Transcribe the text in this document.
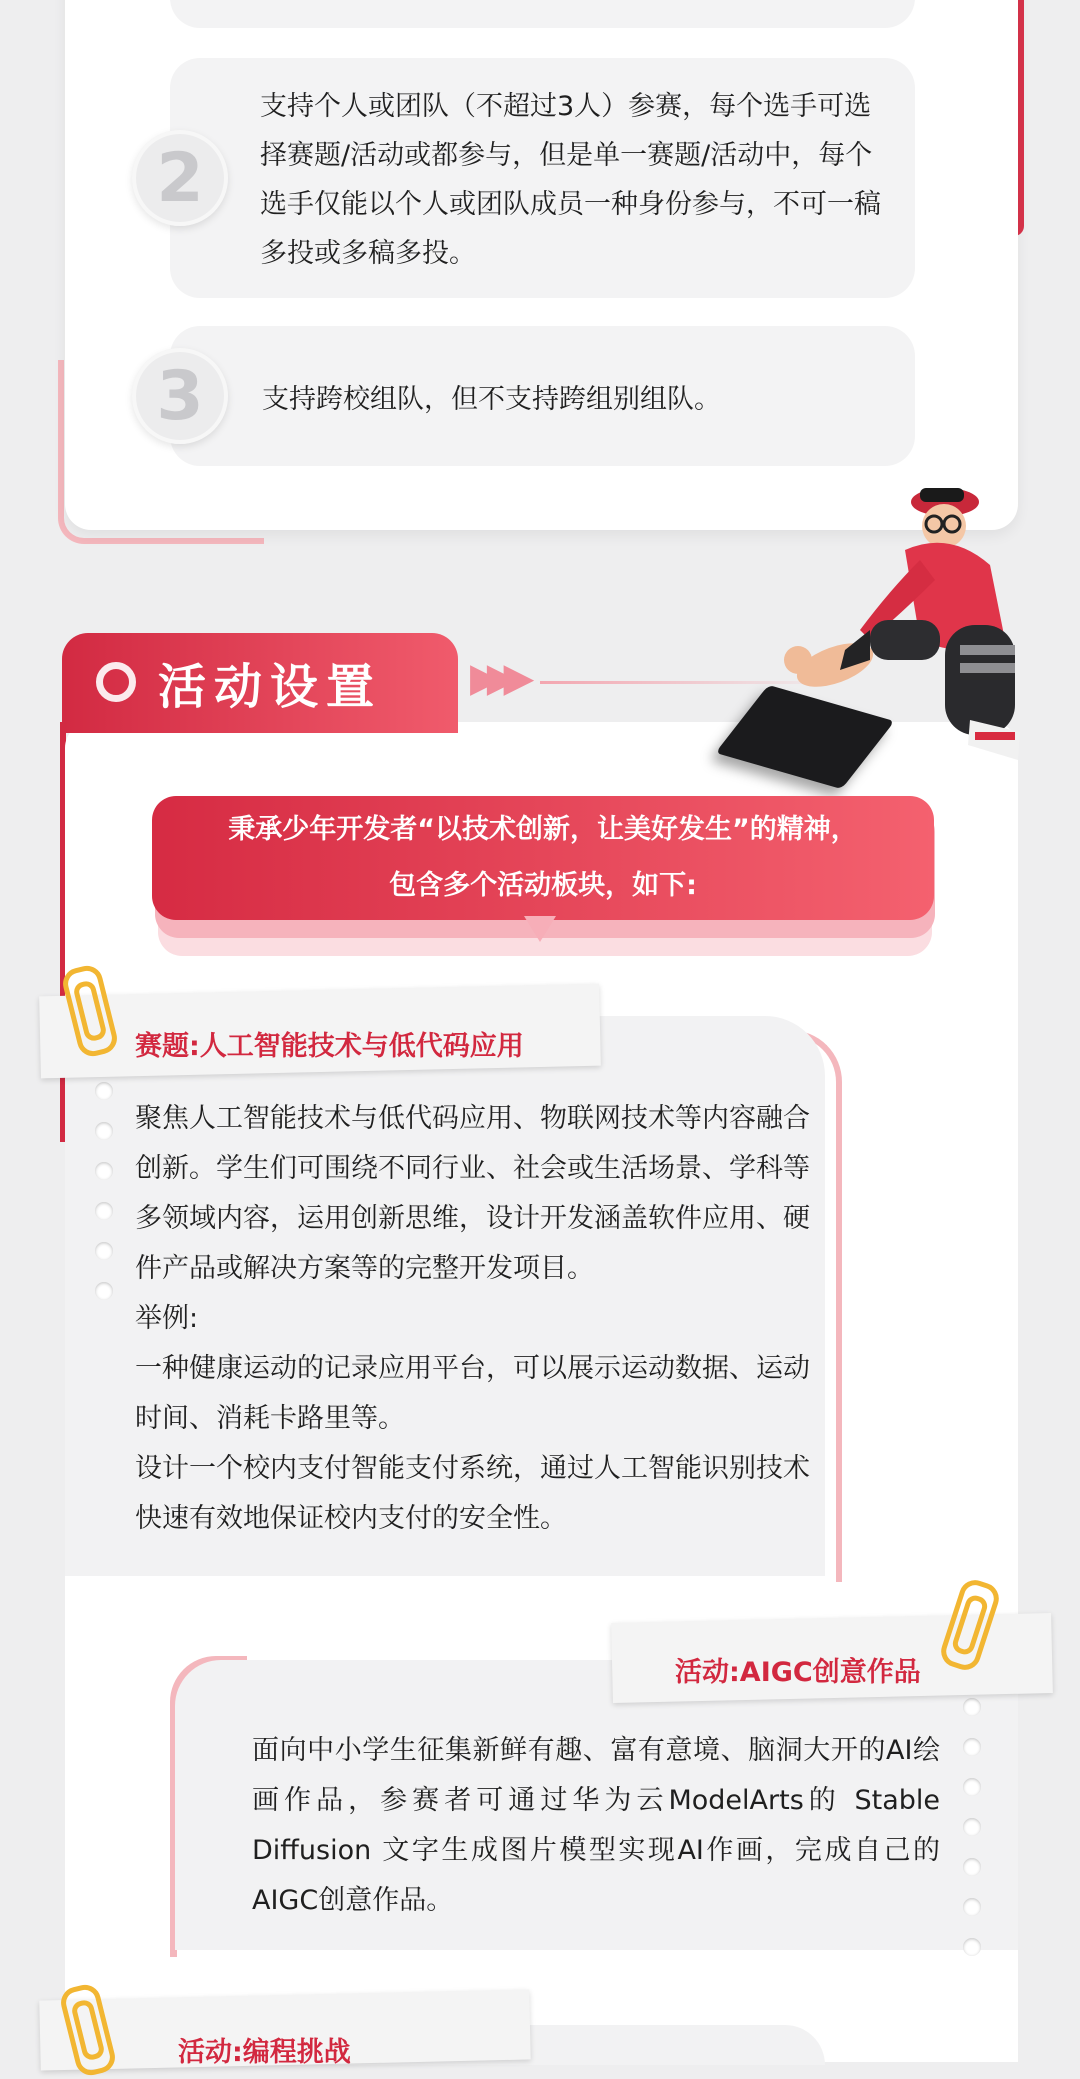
2
支持个人或团队（不超过3人）参赛，每个选手可选择赛题/活动或都参与，但是单一赛题/活动中，每个选手仅能以个人或团队成员一种身份参与，不可一稿多投或多稿多投。
3	支持跨校组队，但不支持跨组别组队。
活动设置 ▶▶▶
秉承少年开发者“以技术创新，让美好发生”的精神，
包含多个活动板块，如下:
聚焦人工智能技术与低代码应用、物联网技术等内容融合创新。学生们可围绕不同行业、社会或生活场景、学科等多领域内容，运用创新思维，设计开发涵盖软件应用、硬件产品或解决方案等的完整开发项目。
举例:
一种健康运动的记录应用平台，可以展示运动数据、运动时间、消耗卡路里等。
设计一个校内支付智能支付系统，通过人工智能识别技术快速有效地保证校内支付的安全性。
赛题:人工智能技术与低代码应用
面向中小学生征集新鲜有趣、富有意境、脑洞大开的AI绘画作品，参赛者可通过华为云ModelArts的 Stable Diffusion 文字生成图片模型实现AI作画，完成自己的AIGC创意作品。
活动:AIGC创意作品
活动:编程挑战
